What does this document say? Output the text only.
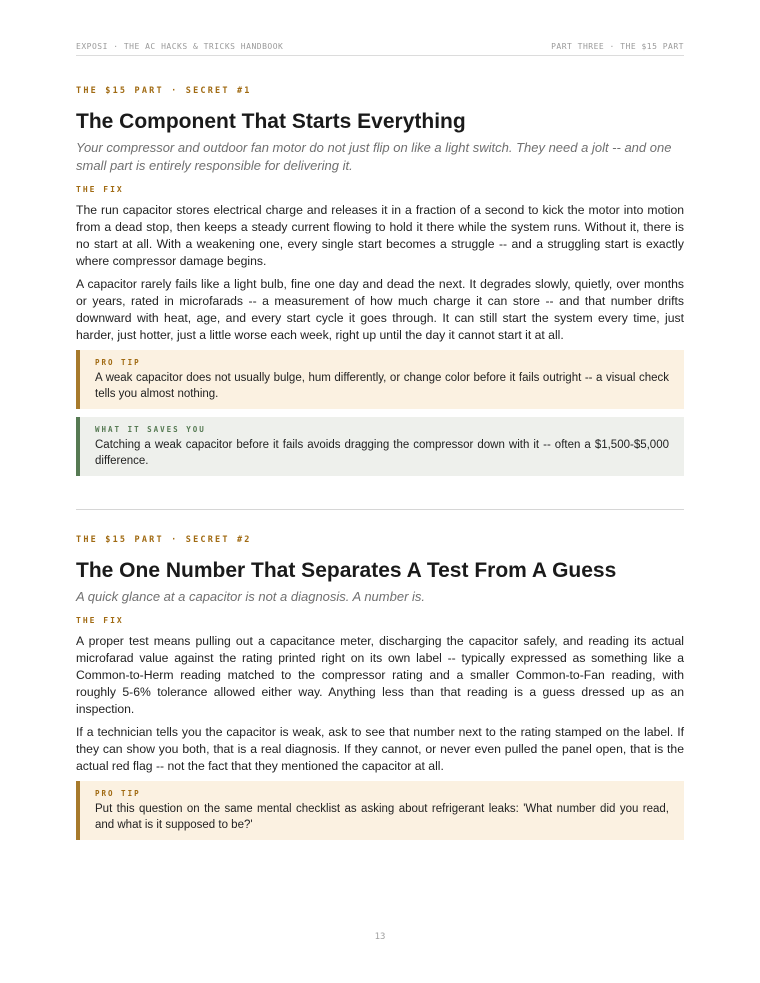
EXPOSI · THE AC HACKS & TRICKS HANDBOOK	PART THREE · THE $15 PART

THE $15 PART · SECRET #1

The Component That Starts Everything

Your compressor and outdoor fan motor do not just flip on like a light switch. They need a jolt -- and one small part is entirely responsible for delivering it.

THE FIX

The run capacitor stores electrical charge and releases it in a fraction of a second to kick the motor into motion from a dead stop, then keeps a steady current flowing to hold it there while the system runs. Without it, there is no start at all. With a weakening one, every single start becomes a struggle -- and a struggling start is exactly where compressor damage begins.

A capacitor rarely fails like a light bulb, fine one day and dead the next. It degrades slowly, quietly, over months or years, rated in microfarads -- a measurement of how much charge it can store -- and that number drifts downward with heat, age, and every start cycle it goes through. It can still start the system every time, just harder, just hotter, just a little worse each week, right up until the day it cannot start it at all.

PRO TIP

A weak capacitor does not usually bulge, hum differently, or change color before it fails outright -- a visual check tells you almost nothing.

WHAT IT SAVES YOU

Catching a weak capacitor before it fails avoids dragging the compressor down with it -- often a $1,500-$5,000 difference.

THE $15 PART · SECRET #2

The One Number That Separates A Test From A Guess

A quick glance at a capacitor is not a diagnosis. A number is.

THE FIX

A proper test means pulling out a capacitance meter, discharging the capacitor safely, and reading its actual microfarad value against the rating printed right on its own label -- typically expressed as something like a Common-to-Herm reading matched to the compressor rating and a smaller Common-to-Fan reading, with roughly 5-6% tolerance allowed either way. Anything less than that reading is a guess dressed up as an inspection.

If a technician tells you the capacitor is weak, ask to see that number next to the rating stamped on the label. If they can show you both, that is a real diagnosis. If they cannot, or never even pulled the panel open, that is the actual red flag -- not the fact that they mentioned the capacitor at all.

PRO TIP

Put this question on the same mental checklist as asking about refrigerant leaks: 'What number did you read, and what is it supposed to be?'

13
